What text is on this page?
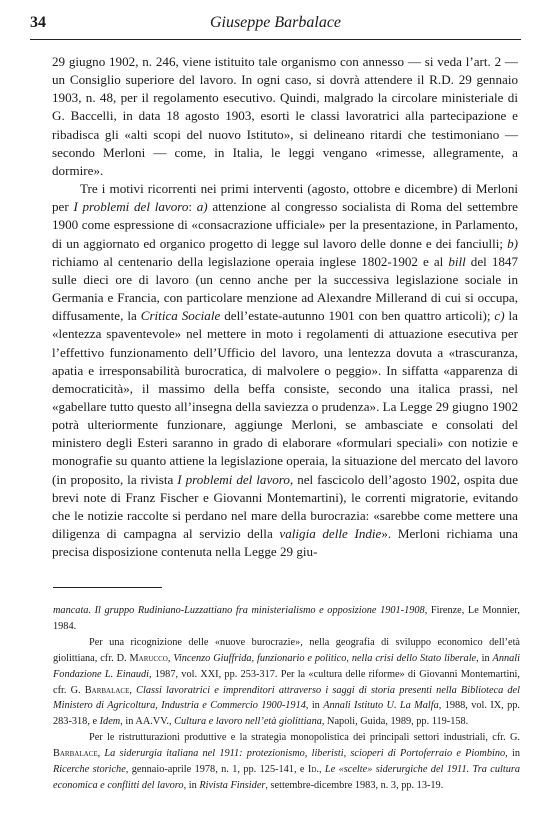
34	Giuseppe Barbalace

29 giugno 1902, n. 246, viene istituito tale organismo con annesso — si veda l’art. 2 — un Consiglio superiore del lavoro. In ogni caso, si dovrà attendere il R.D. 29 gennaio 1903, n. 48, per il regolamento esecutivo. Quindi, malgrado la circolare ministeriale di G. Baccelli, in data 18 agosto 1903, esorti le classi lavoratrici alla partecipazione e ribadisca gli «alti scopi del nuovo Istituto», si delineano ritardi che testimoniano — secondo Merloni — come, in Italia, le leggi vengano «rimesse, allegramente, a dormire».

Tre i motivi ricorrenti nei primi interventi (agosto, ottobre e dicembre) di Merloni per I problemi del lavoro: a) attenzione al congresso socialista di Roma del settembre 1900 come espressione di «consacrazione ufficiale» per la presentazione, in Parlamento, di un aggiornato ed organico progetto di legge sul lavoro delle donne e dei fanciulli; b) richiamo al centenario della legislazione operaia inglese 1802-1902 e al bill del 1847 sulle dieci ore di lavoro (un cenno anche per la successiva legislazione sociale in Germania e Francia, con particolare menzione ad Alexandre Millerand di cui si occupa, diffusamente, la Critica Sociale dell’estate-autunno 1901 con ben quattro articoli); c) la «lentezza spaventevole» nel mettere in moto i regolamenti di attuazione esecutiva per l’effettivo funzionamento dell’Ufficio del lavoro, una lentezza dovuta a «trascuranza, apatia e irresponsabilità burocratica, di malvolere o peggio». In siffatta «apparenza di democraticità», il massimo della beffa consiste, secondo una italica prassi, nel «gabellare tutto questo all’insegna della saviezza o prudenza». La Legge 29 giugno 1902 potrà ulteriormente funzionare, aggiunge Merloni, se ambasciate e consolati del ministero degli Esteri saranno in grado di elaborare «formulari speciali» con notizie e monografie su quanto attiene la legislazione operaia, la situazione del mercato del lavoro (in proposito, la rivista I problemi del lavoro, nel fascicolo dell’agosto 1902, ospita due brevi note di Franz Fischer e Giovanni Montemartini), le correnti migratorie, evitando che le notizie raccolte si perdano nel mare della burocrazia: «sarebbe come mettere una diligenza di campagna al servizio della valigia delle Indie». Merloni richiama una precisa disposizione contenuta nella Legge 29 giu-

mancata. Il gruppo Rudiniano-Luzzattiano fra ministerialismo e opposizione 1901-1908, Firenze, Le Monnier, 1984.

Per una ricognizione delle «nuove burocrazie», nella geografia di sviluppo economico dell’età giolittiana, cfr. D. Marucco, Vincenzo Giuffrida, funzionario e politico, nella crisi dello Stato liberale, in Annali Fondazione L. Einaudi, 1987, vol. XXI, pp. 253-317. Per la «cultura delle riforme» di Giovanni Montemartini, cfr. G. Barbalace, Classi lavoratrici e imprenditori attraverso i saggi di storia presenti nella Biblioteca del Ministero di Agricoltura, Industria e Commercio 1900-1914, in Annali Istituto U. La Malfa, 1988, vol. IX, pp. 283-318, e Idem, in AA.VV., Cultura e lavoro nell’età giolittiana, Napoli, Guida, 1989, pp. 119-158.

Per le ristrutturazioni produttive e la strategia monopolistica dei principali settori industriali, cfr. G. Barbalace, La siderurgia italiana nel 1911: protezionismo, liberisti, scioperi di Portoferraio e Piombino, in Ricerche storiche, gennaio-aprile 1978, n. 1, pp. 125-141, e Id., Le «scelte» siderurgiche del 1911. Tra cultura economica e conflitti del lavoro, in Rivista Finsider, settembre-dicembre 1983, n. 3, pp. 13-19.
